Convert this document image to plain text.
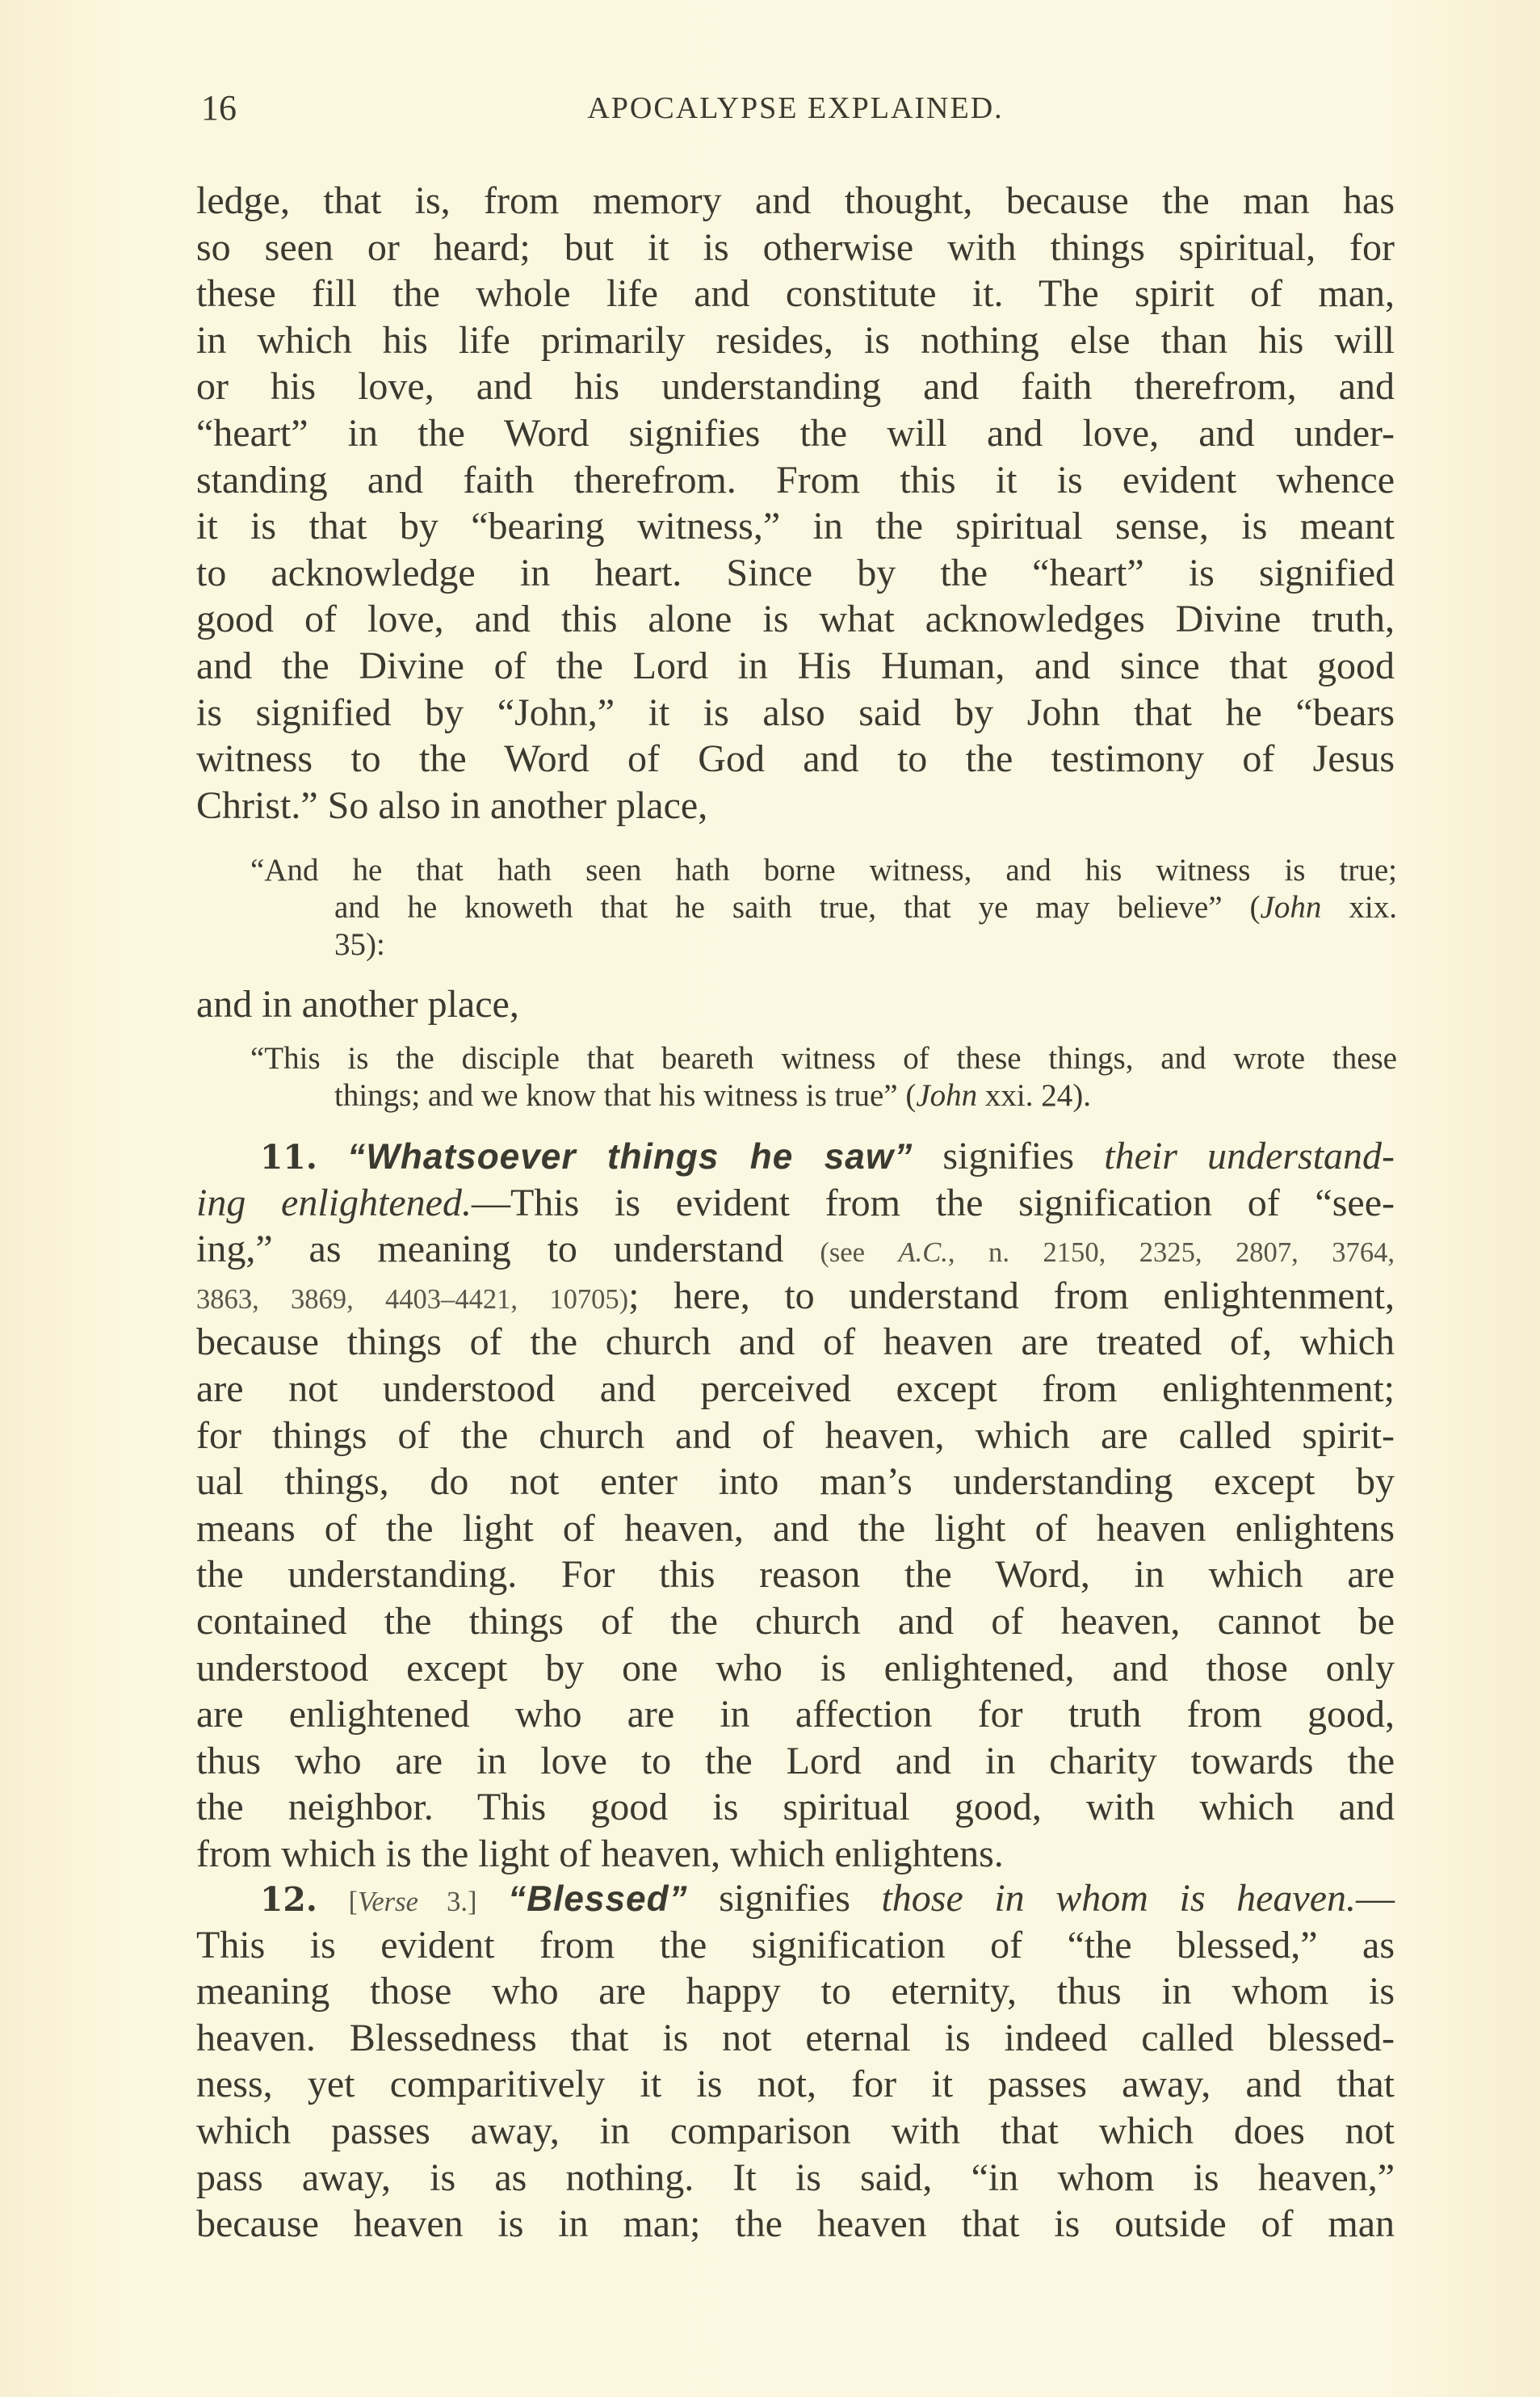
16	APOCALYPSE EXPLAINED.
ledge, that is, from memory and thought, because the man has
so seen or heard; but it is otherwise with things spiritual, for
these fill the whole life and constitute it. The spirit of man,
in which his life primarily resides, is nothing else than his will
or his love, and his understanding and faith therefrom, and
“heart” in the Word signifies the will and love, and under-
standing and faith therefrom. From this it is evident whence
it is that by “bearing witness,” in the spiritual sense, is meant
to acknowledge in heart. Since by the “heart” is signified
good of love, and this alone is what acknowledges Divine truth,
and the Divine of the Lord in His Human, and since that good
is signified by “John,” it is also said by John that he “bears
witness to the Word of God and to the testimony of Jesus
Christ.” So also in another place,
“And he that hath seen hath borne witness, and his witness is true;
and he knoweth that he saith true, that ye may believe” (John xix.
35):
and in another place,
“This is the disciple that beareth witness of these things, and wrote these
things; and we know that his witness is true” (John xxi. 24).
11. “Whatsoever things he saw” signifies their understand-
ing enlightened.—This is evident from the signification of “see-
ing,” as meaning to understand (see A.C., n. 2150, 2325, 2807, 3764,
3863, 3869, 4403–4421, 10705); here, to understand from enlightenment,
because things of the church and of heaven are treated of, which
are not understood and perceived except from enlightenment;
for things of the church and of heaven, which are called spirit-
ual things, do not enter into man’s understanding except by
means of the light of heaven, and the light of heaven enlightens
the understanding. For this reason the Word, in which are
contained the things of the church and of heaven, cannot be
understood except by one who is enlightened, and those only
are enlightened who are in affection for truth from good,
thus who are in love to the Lord and in charity towards the
the neighbor. This good is spiritual good, with which and
from which is the light of heaven, which enlightens.
12. [Verse 3.] “Blessed” signifies those in whom is heaven.—
This is evident from the signification of “the blessed,” as
meaning those who are happy to eternity, thus in whom is
heaven. Blessedness that is not eternal is indeed called blessed-
ness, yet comparitively it is not, for it passes away, and that
which passes away, in comparison with that which does not
pass away, is as nothing. It is said, “in whom is heaven,”
because heaven is in man; the heaven that is outside of man
